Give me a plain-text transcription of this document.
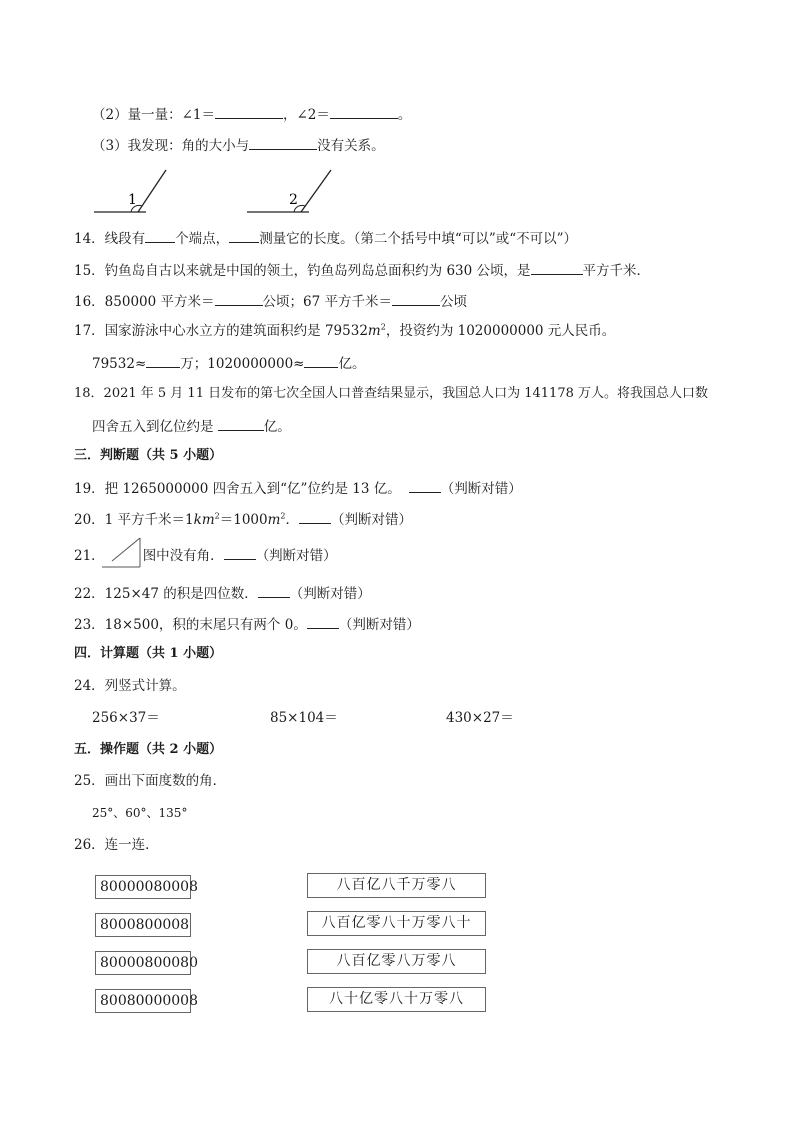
（2）量一量：∠1＝	，∠2＝	。
（3）我发现：角的大小与	没有关系。
1	2
14．线段有 个端点， 测量它的长度。（第二个括号中填“可以”或“不可以”）
15．钓鱼岛自古以来就是中国的领土，钓鱼岛列岛总面积约为 630 公顷，是	平方千米．
16．850000 平方米＝	公顷；67 平方千米＝	公顷
17．国家游泳中心水立方的建筑面积约是 $79532m^2$，投资约为 1020000000 元人民币。
79532≈	万；1020000000≈	亿。
18．2021 年 5 月 11 日发布的第七次全国人口普查结果显示，我国总人口为 141178 万人。将我国总人口数
四舍五入到亿位约是	亿。
三．判断题（共 5 小题）
19．把 1265000000 四舍五入到“亿”位约是 13 亿。	（判断对错）
20．1 平方千米$=1km^2=1000m^2$． （判断对错）
21．	图中没有角． （判断对错）
22．125×47 的积是四位数． （判断对错）
23．18×500，积的末尾只有两个 0。 （判断对错）
四．计算题（共 1 小题）
24．列竖式计算。
256×37＝	85×104＝	430×27＝
五．操作题（共 2 小题）
25．画出下面度数的角．
25°、60°、135°
26．连一连．
80000080008
8000800008
80000800080
80080000008
八百亿八千万零八
八百亿零八十万零八十
八百亿零八万零八
八十亿零八十万零八
